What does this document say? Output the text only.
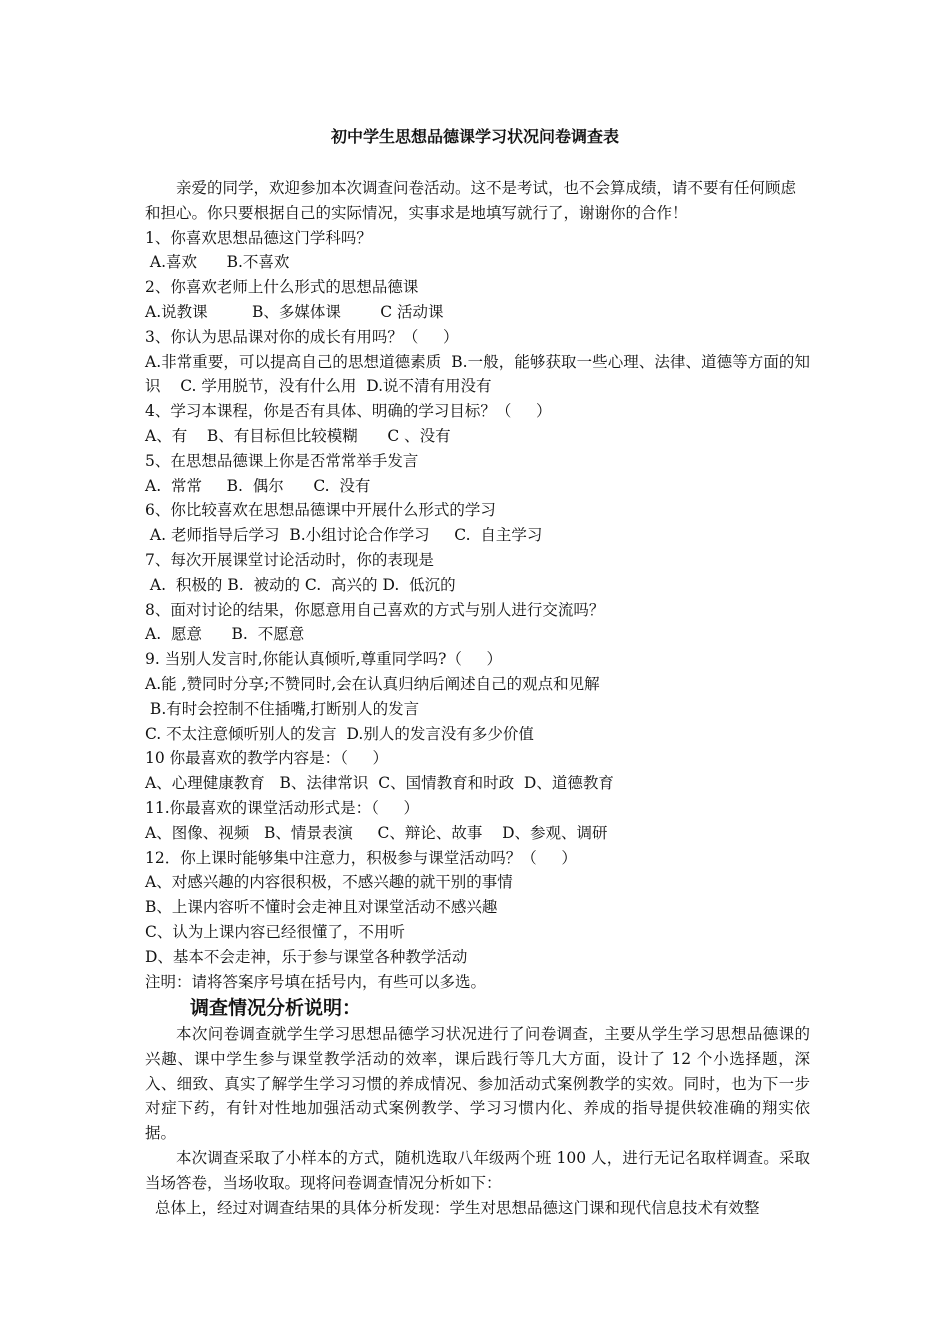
初中学生思想品德课学习状况问卷调查表

亲爱的同学，欢迎参加本次调查问卷活动。这不是考试，也不会算成绩，请不要有任何顾虑和担心。你只要根据自己的实际情况，实事求是地填写就行了，谢谢你的合作！

1、你喜欢思想品德这门学科吗？

A.喜欢      B.不喜欢

2、你喜欢老师上什么形式的思想品德课

A.说教课         B、多媒体课        C 活动课

3、你认为思品课对你的成长有用吗？（     ）

A.非常重要，可以提高自己的思想道德素质  B.一般，能够获取一些心理、法律、道德等方面的知识    C. 学用脱节，没有什么用  D.说不清有用没有

4、学习本课程，你是否有具体、明确的学习目标？（     ）

A、有    B、有目标但比较模糊      C 、没有

5、在思想品德课上你是否常常举手发言

A.  常常     B.  偶尔      C.  没有

6、你比较喜欢在思想品德课中开展什么形式的学习

A. 老师指导后学习  B.小组讨论合作学习     C.  自主学习

7、每次开展课堂讨论活动时，你的表现是

A.  积极的 B.  被动的 C.  高兴的 D.  低沉的

8、面对讨论的结果，你愿意用自己喜欢的方式与别人进行交流吗？

A.  愿意      B.  不愿意

9. 当别人发言时,你能认真倾听,尊重同学吗?（     ）

A.能 ,赞同时分享;不赞同时,会在认真归纳后阐述自己的观点和见解

B.有时会控制不住插嘴,打断别人的发言

C. 不太注意倾听别人的发言  D.别人的发言没有多少价值

10 你最喜欢的教学内容是：（     ）

A、心理健康教育   B、法律常识  C、国情教育和时政  D、道德教育

11.你最喜欢的课堂活动形式是：（     ）

A、图像、视频   B、情景表演     C、辩论、故事    D、参观、调研

12．你上课时能够集中注意力，积极参与课堂活动吗？（     ）

A、对感兴趣的内容很积极，不感兴趣的就干别的事情

B、上课内容听不懂时会走神且对课堂活动不感兴趣

C、认为上课内容已经很懂了，不用听

D、基本不会走神，乐于参与课堂各种教学活动

注明：请将答案序号填在括号内，有些可以多选。

调查情况分析说明：

本次问卷调查就学生学习思想品德学习状况进行了问卷调查，主要从学生学习思想品德课的兴趣、课中学生参与课堂教学活动的效率，课后践行等几大方面，设计了 12 个小选择题，深入、细致、真实了解学生学习习惯的养成情况、参加活动式案例教学的实效。同时，也为下一步对症下药，有针对性地加强活动式案例教学、学习习惯内化、养成的指导提供较准确的翔实依据。

本次调查采取了小样本的方式，随机选取八年级两个班 100 人，进行无记名取样调查。采取当场答卷，当场收取。现将问卷调查情况分析如下：

总体上，经过对调查结果的具体分析发现：学生对思想品德这门课和现代信息技术有效整
